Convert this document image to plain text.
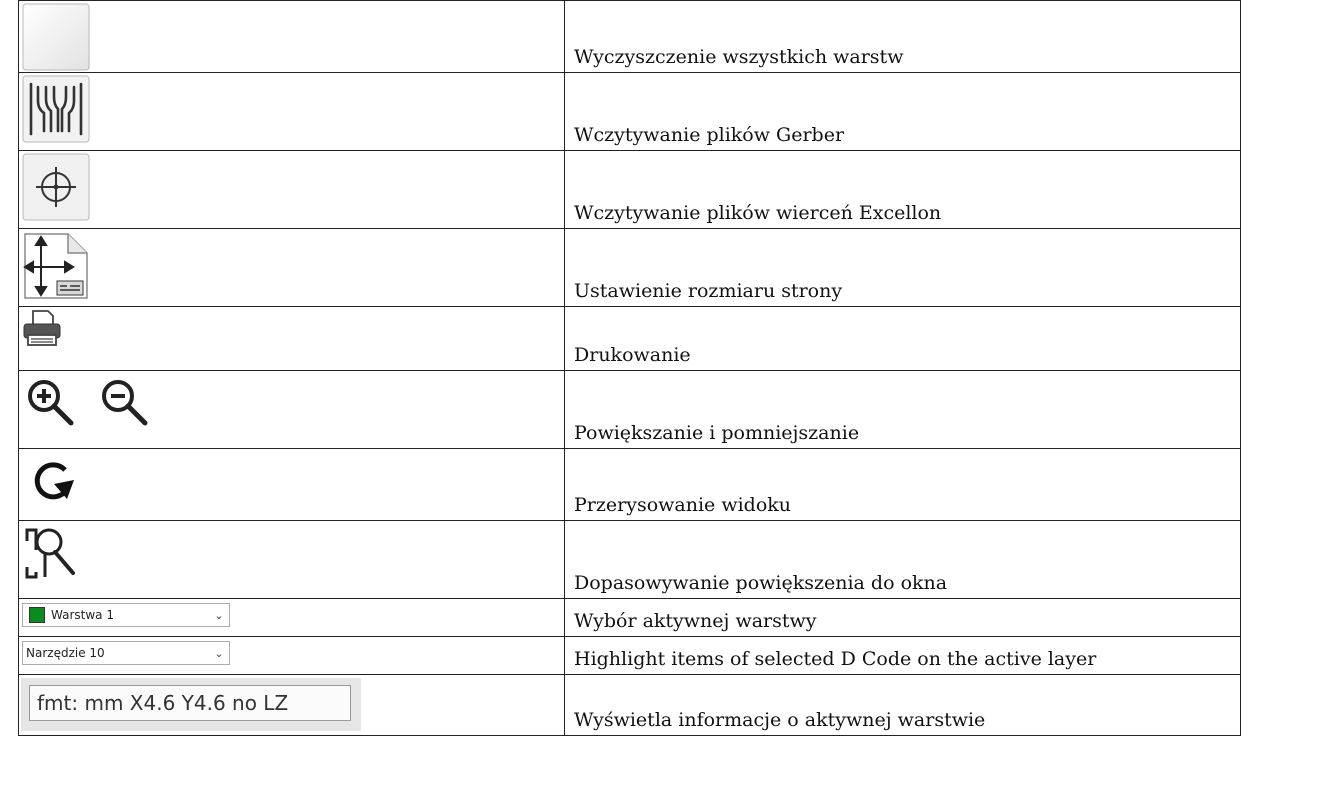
Wyczyszczenie wszystkich warstw

Wczytywanie plików Gerber

Wczytywanie plików wierceń Excellon

Ustawienie rozmiaru strony

Drukowanie

Powiększanie i pomniejszanie

Przerysowanie widoku

Dopasowywanie powiększenia do okna

Warstwa 1 ⌄	Wybór aktywnej warstwy

Narzędzie 10 ⌄	Highlight items of selected D Code on the active layer

fmt: mm X4.6 Y4.6 no LZ	Wyświetla informacje o aktywnej warstwie
